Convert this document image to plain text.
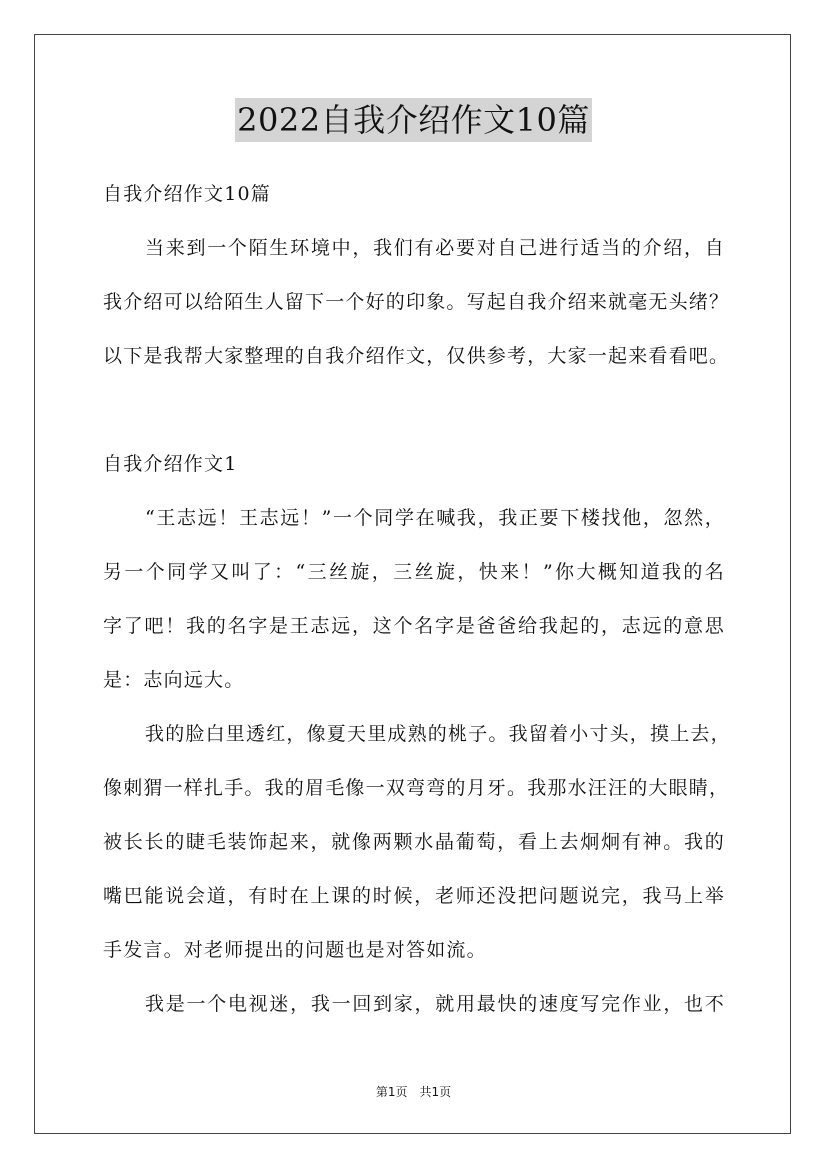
2022自我介绍作文10篇
自我介绍作文10篇
当来到一个陌生环境中，我们有必要对自己进行适当的介绍，自
我介绍可以给陌生人留下一个好的印象。写起自我介绍来就毫无头绪？
以下是我帮大家整理的自我介绍作文，仅供参考，大家一起来看看吧。
自我介绍作文1
“王志远！王志远！”一个同学在喊我，我正要下楼找他，忽然，
另一个同学又叫了：“三丝旋，三丝旋，快来！”你大概知道我的名
字了吧！我的名字是王志远，这个名字是爸爸给我起的，志远的意思
是：志向远大。
我的脸白里透红，像夏天里成熟的桃子。我留着小寸头，摸上去，
像刺猬一样扎手。我的眉毛像一双弯弯的月牙。我那水汪汪的大眼睛，
被长长的睫毛装饰起来，就像两颗水晶葡萄，看上去炯炯有神。我的
嘴巴能说会道，有时在上课的时候，老师还没把问题说完，我马上举
手发言。对老师提出的问题也是对答如流。
我是一个电视迷，我一回到家，就用最快的速度写完作业，也不
第1页　共1页
